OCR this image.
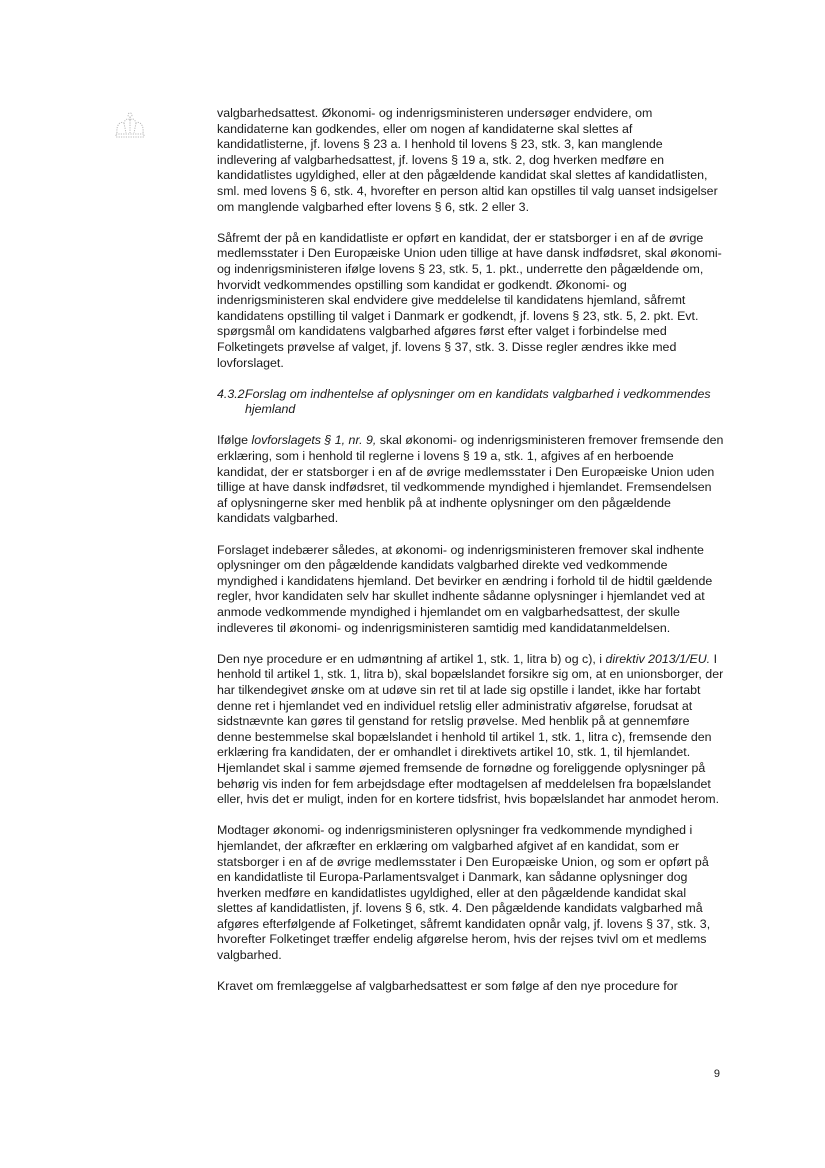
valgbarhedsattest. Økonomi- og indenrigsministeren undersøger endvidere, om kandidaterne kan godkendes, eller om nogen af kandidaterne skal slettes af kandidatlisterne, jf. lovens § 23 a. I henhold til lovens § 23, stk. 3, kan manglende indlevering af valgbarhedsattest, jf. lovens § 19 a, stk. 2, dog hverken medføre en kandidatlistes ugyldighed, eller at den pågældende kandidat skal slettes af kandidatlisten, sml. med lovens § 6, stk. 4, hvorefter en person altid kan opstilles til valg uanset indsigelser om manglende valgbarhed efter lovens § 6, stk. 2 eller 3.

Såfremt der på en kandidatliste er opført en kandidat, der er statsborger i en af de øvrige medlemsstater i Den Europæiske Union uden tillige at have dansk indfødsret, skal økonomi- og indenrigsministeren ifølge lovens § 23, stk. 5, 1. pkt., underrette den pågældende om, hvorvidt vedkommendes opstilling som kandidat er godkendt. Økonomi- og indenrigsministeren skal endvidere give meddelelse til kandidatens hjemland, såfremt kandidatens opstilling til valget i Danmark er godkendt, jf. lovens § 23, stk. 5, 2. pkt. Evt. spørgsmål om kandidatens valgbarhed afgøres først efter valget i forbindelse med Folketingets prøvelse af valget, jf. lovens § 37, stk. 3. Disse regler ændres ikke med lovforslaget.

4.3.2.Forslag om indhentelse af oplysninger om en kandidats valgbarhed i vedkommendes hjemland

Ifølge lovforslagets § 1, nr. 9, skal økonomi- og indenrigsministeren fremover fremsende den erklæring, som i henhold til reglerne i lovens § 19 a, stk. 1, afgives af en herboende kandidat, der er statsborger i en af de øvrige medlemsstater i Den Europæiske Union uden tillige at have dansk indfødsret, til vedkommende myndighed i hjemlandet. Fremsendelsen af oplysningerne sker med henblik på at indhente oplysninger om den pågældende kandidats valgbarhed.

Forslaget indebærer således, at økonomi- og indenrigsministeren fremover skal indhente oplysninger om den pågældende kandidats valgbarhed direkte ved vedkommende myndighed i kandidatens hjemland. Det bevirker en ændring i forhold til de hidtil gældende regler, hvor kandidaten selv har skullet indhente sådanne oplysninger i hjemlandet ved at anmode vedkommende myndighed i hjemlandet om en valgbarhedsattest, der skulle indleveres til økonomi- og indenrigsministeren samtidig med kandidatanmeldelsen.

Den nye procedure er en udmøntning af artikel 1, stk. 1, litra b) og c), i direktiv 2013/1/EU. I henhold til artikel 1, stk. 1, litra b), skal bopælslandet forsikre sig om, at en unionsborger, der har tilkendegivet ønske om at udøve sin ret til at lade sig opstille i landet, ikke har fortabt denne ret i hjemlandet ved en individuel retslig eller administrativ afgørelse, forudsat at sidstnævnte kan gøres til genstand for retslig prøvelse. Med henblik på at gennemføre denne bestemmelse skal bopælslandet i henhold til artikel 1, stk. 1, litra c), fremsende den erklæring fra kandidaten, der er omhandlet i direktivets artikel 10, stk. 1, til hjemlandet. Hjemlandet skal i samme øjemed fremsende de fornødne og foreliggende oplysninger på behørig vis inden for fem arbejdsdage efter modtagelsen af meddelelsen fra bopælslandet eller, hvis det er muligt, inden for en kortere tidsfrist, hvis bopælslandet har anmodet herom.

Modtager økonomi- og indenrigsministeren oplysninger fra vedkommende myndighed i hjemlandet, der afkræfter en erklæring om valgbarhed afgivet af en kandidat, som er statsborger i en af de øvrige medlemsstater i Den Europæiske Union, og som er opført på en kandidatliste til Europa-Parlamentsvalget i Danmark, kan sådanne oplysninger dog hverken medføre en kandidatlistes ugyldighed, eller at den pågældende kandidat skal slettes af kandidatlisten, jf. lovens § 6, stk. 4. Den pågældende kandidats valgbarhed må afgøres efterfølgende af Folketinget, såfremt kandidaten opnår valg, jf. lovens § 37, stk. 3, hvorefter Folketinget træffer endelig afgørelse herom, hvis der rejses tvivl om et medlems valgbarhed.

Kravet om fremlæggelse af valgbarhedsattest er som følge af den nye procedure for

9
